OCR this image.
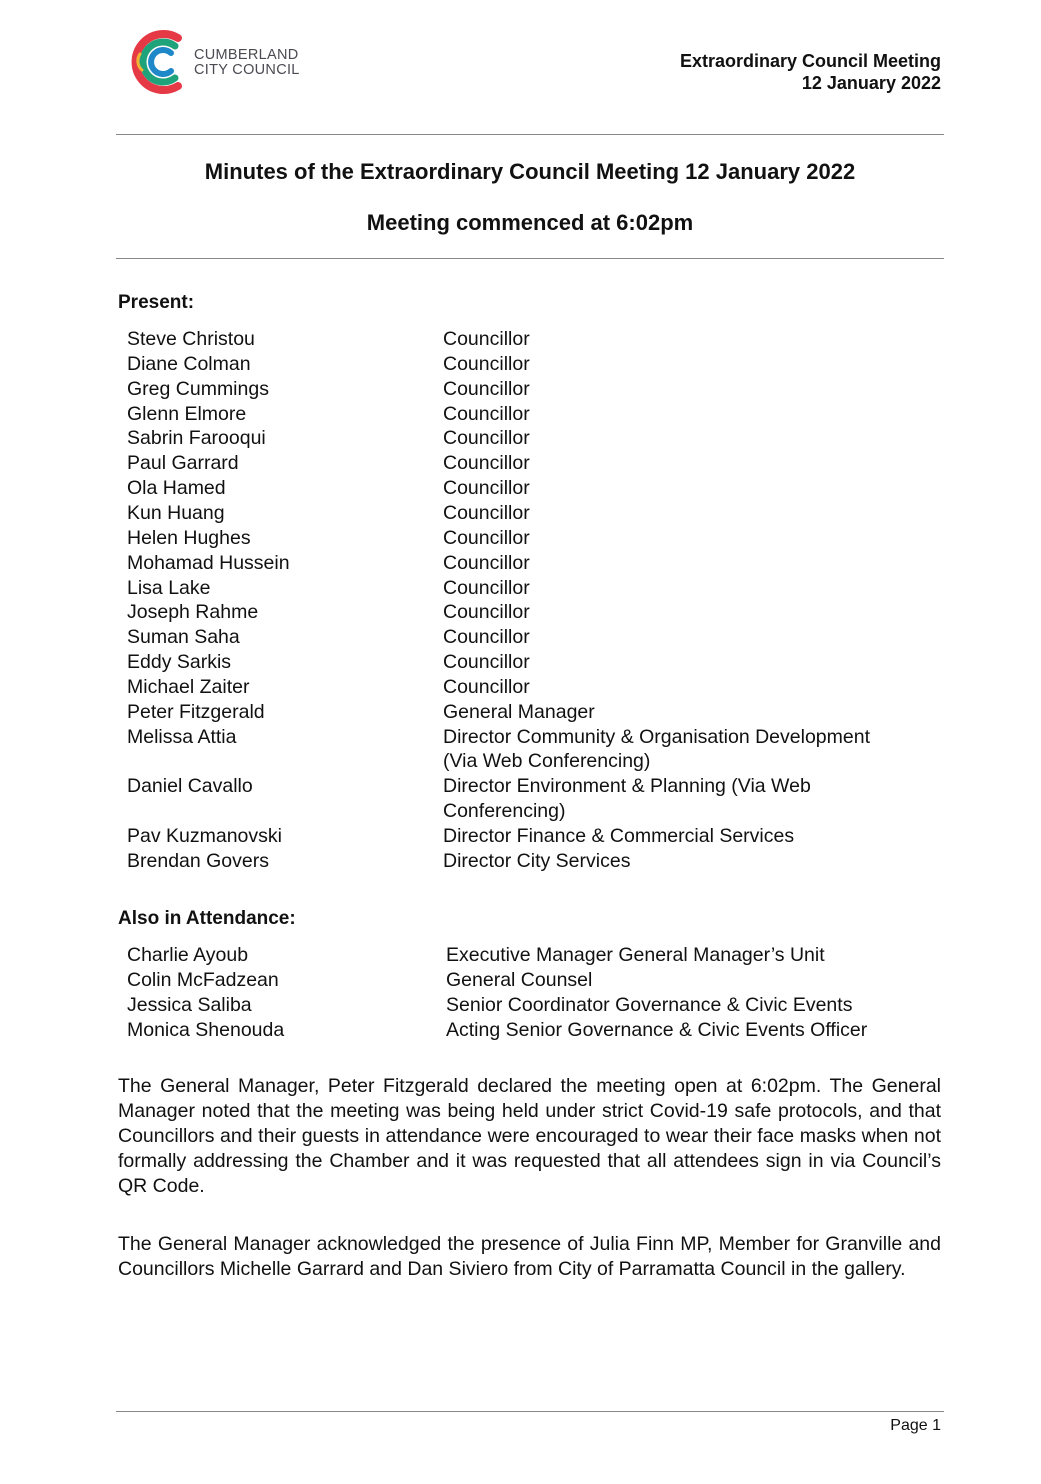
CUMBERLAND
CITY COUNCIL	Extraordinary Council Meeting
12 January 2022
Minutes of the Extraordinary Council Meeting 12 January 2022
Meeting commenced at 6:02pm
Present:
Steve Christou	Councillor
Diane Colman	Councillor
Greg Cummings	Councillor
Glenn Elmore	Councillor
Sabrin Farooqui	Councillor
Paul Garrard	Councillor
Ola Hamed	Councillor
Kun Huang	Councillor
Helen Hughes	Councillor
Mohamad Hussein	Councillor
Lisa Lake	Councillor
Joseph Rahme	Councillor
Suman Saha	Councillor
Eddy Sarkis	Councillor
Michael Zaiter	Councillor
Peter Fitzgerald	General Manager
Melissa Attia	Director Community & Organisation Development
(Via Web Conferencing)
Daniel Cavallo	Director Environment & Planning (Via Web
Conferencing)
Pav Kuzmanovski	Director Finance & Commercial Services
Brendan Govers	Director City Services
Also in Attendance:
Charlie Ayoub	Executive Manager General Manager’s Unit
Colin McFadzean	General Counsel
Jessica Saliba	Senior Coordinator Governance & Civic Events
Monica Shenouda	Acting Senior Governance & Civic Events Officer
The General Manager, Peter Fitzgerald declared the meeting open at 6:02pm. The General Manager noted that the meeting was being held under strict Covid-19 safe protocols, and that Councillors and their guests in attendance were encouraged to wear their face masks when not formally addressing the Chamber and it was requested that all attendees sign in via Council’s QR Code.
The General Manager acknowledged the presence of Julia Finn MP, Member for Granville and Councillors Michelle Garrard and Dan Siviero from City of Parramatta Council in the gallery.
Page 1
